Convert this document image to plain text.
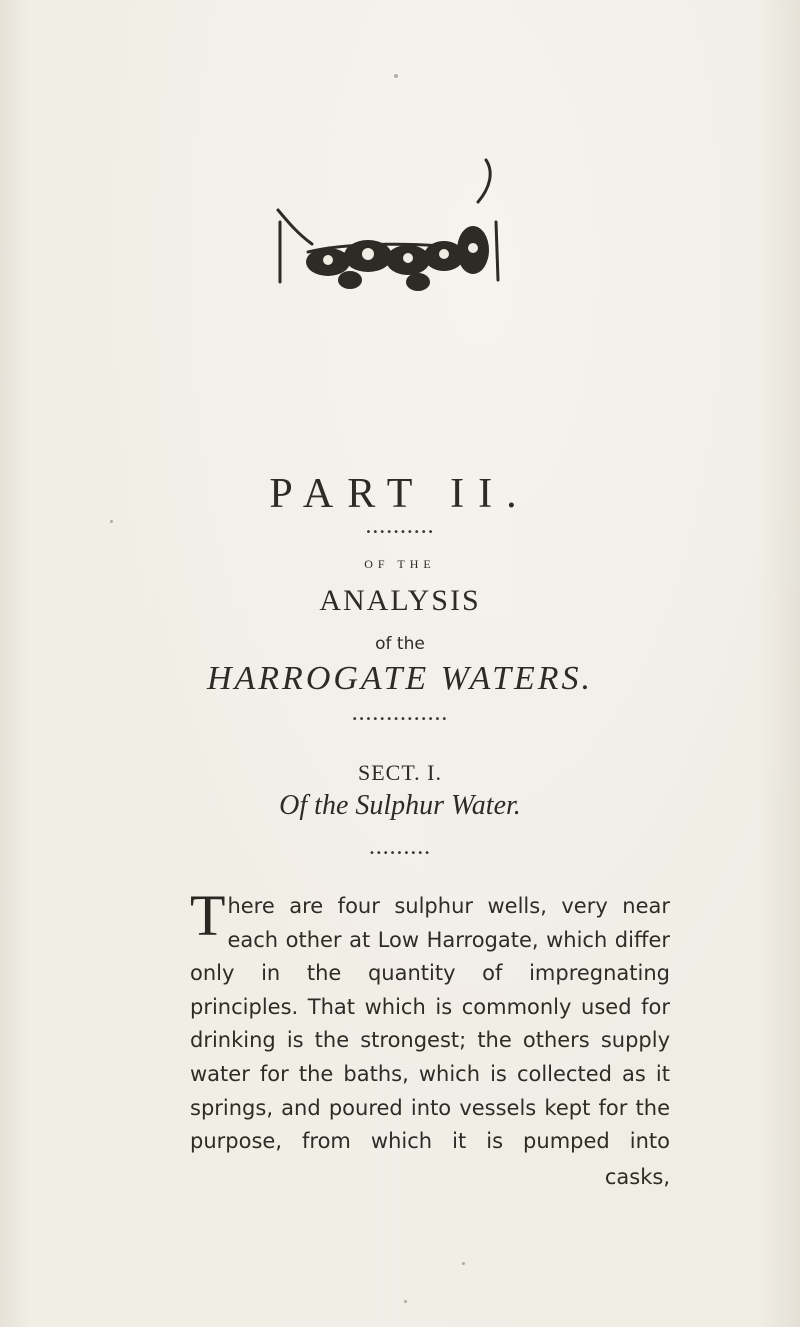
PART II.
••••••••••
OF THE
ANALYSIS
of the
HARROGATE WATERS.
••••••••••••••
SECT. I.
Of the Sulphur Water.
•••••••••
T here are four sulphur wells, very near each other at Low Harrogate, which differ only in the quantity of impregnating principles. That which is commonly used for drinking is the strongest; the others supply water for the baths, which is collected as it springs, and poured into vessels kept for the purpose, from which it is pumped into
casks,
